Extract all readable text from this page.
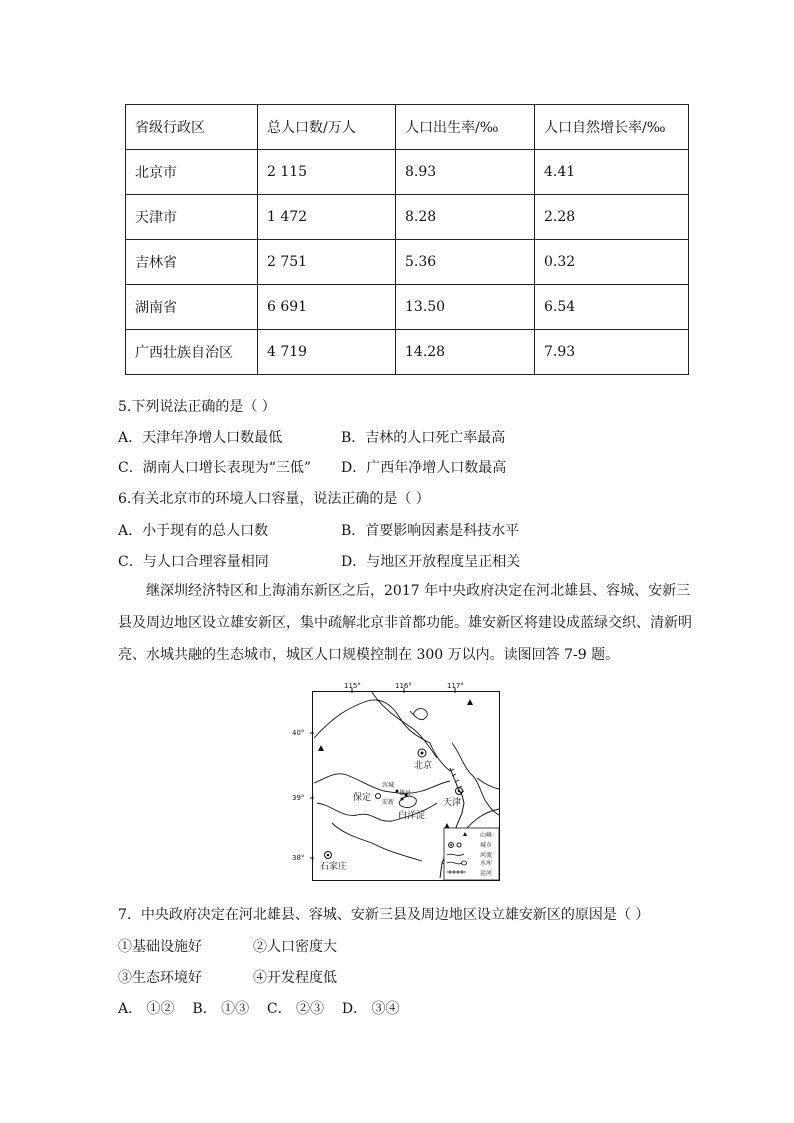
省级行政区	总人口数/万人	人口出生率/‰	人口自然增长率/‰
北京市	2 115	8.93	4.41
天津市	1 472	8.28	2.28
吉林省	2 751	5.36	0.32
湖南省	6 691	13.50	6.54
广西壮族自治区	4 719	14.28	7.93
5.下列说法正确的是（ ）
A．天津年净增人口数最低	B．吉林的人口死亡率最高
C．湖南人口增长表现为“三低” D．广西年净增人口数最高
6.有关北京市的环境人口容量，说法正确的是（ ）
A．小于现有的总人口数	B．首要影响因素是科技水平
C．与人口合理容量相同	D．与地区开放程度呈正相关
继深圳经济特区和上海浦东新区之后，2017 年中央政府决定在河北雄县、容城、安新三县及周边地区设立雄安新区，集中疏解北京非首都功能。雄安新区将建设成蓝绿交织、清新明亮、水城共融的生态城市，城区人口规模控制在 300 万以内。读图回答 7-9 题。
115°	116°	117°
40°
39°
38°
北京
天津
保定
容城
雄县
安新
白洋淀
石家庄
山峰
城市
河流
水库
运河
7．中央政府决定在河北雄县、容城、安新三县及周边地区设立雄安新区的原因是（ ）
①基础设施好	②人口密度大
③生态环境好	④开发程度低
A． ①②    B． ①③    C． ②③    D． ③④
